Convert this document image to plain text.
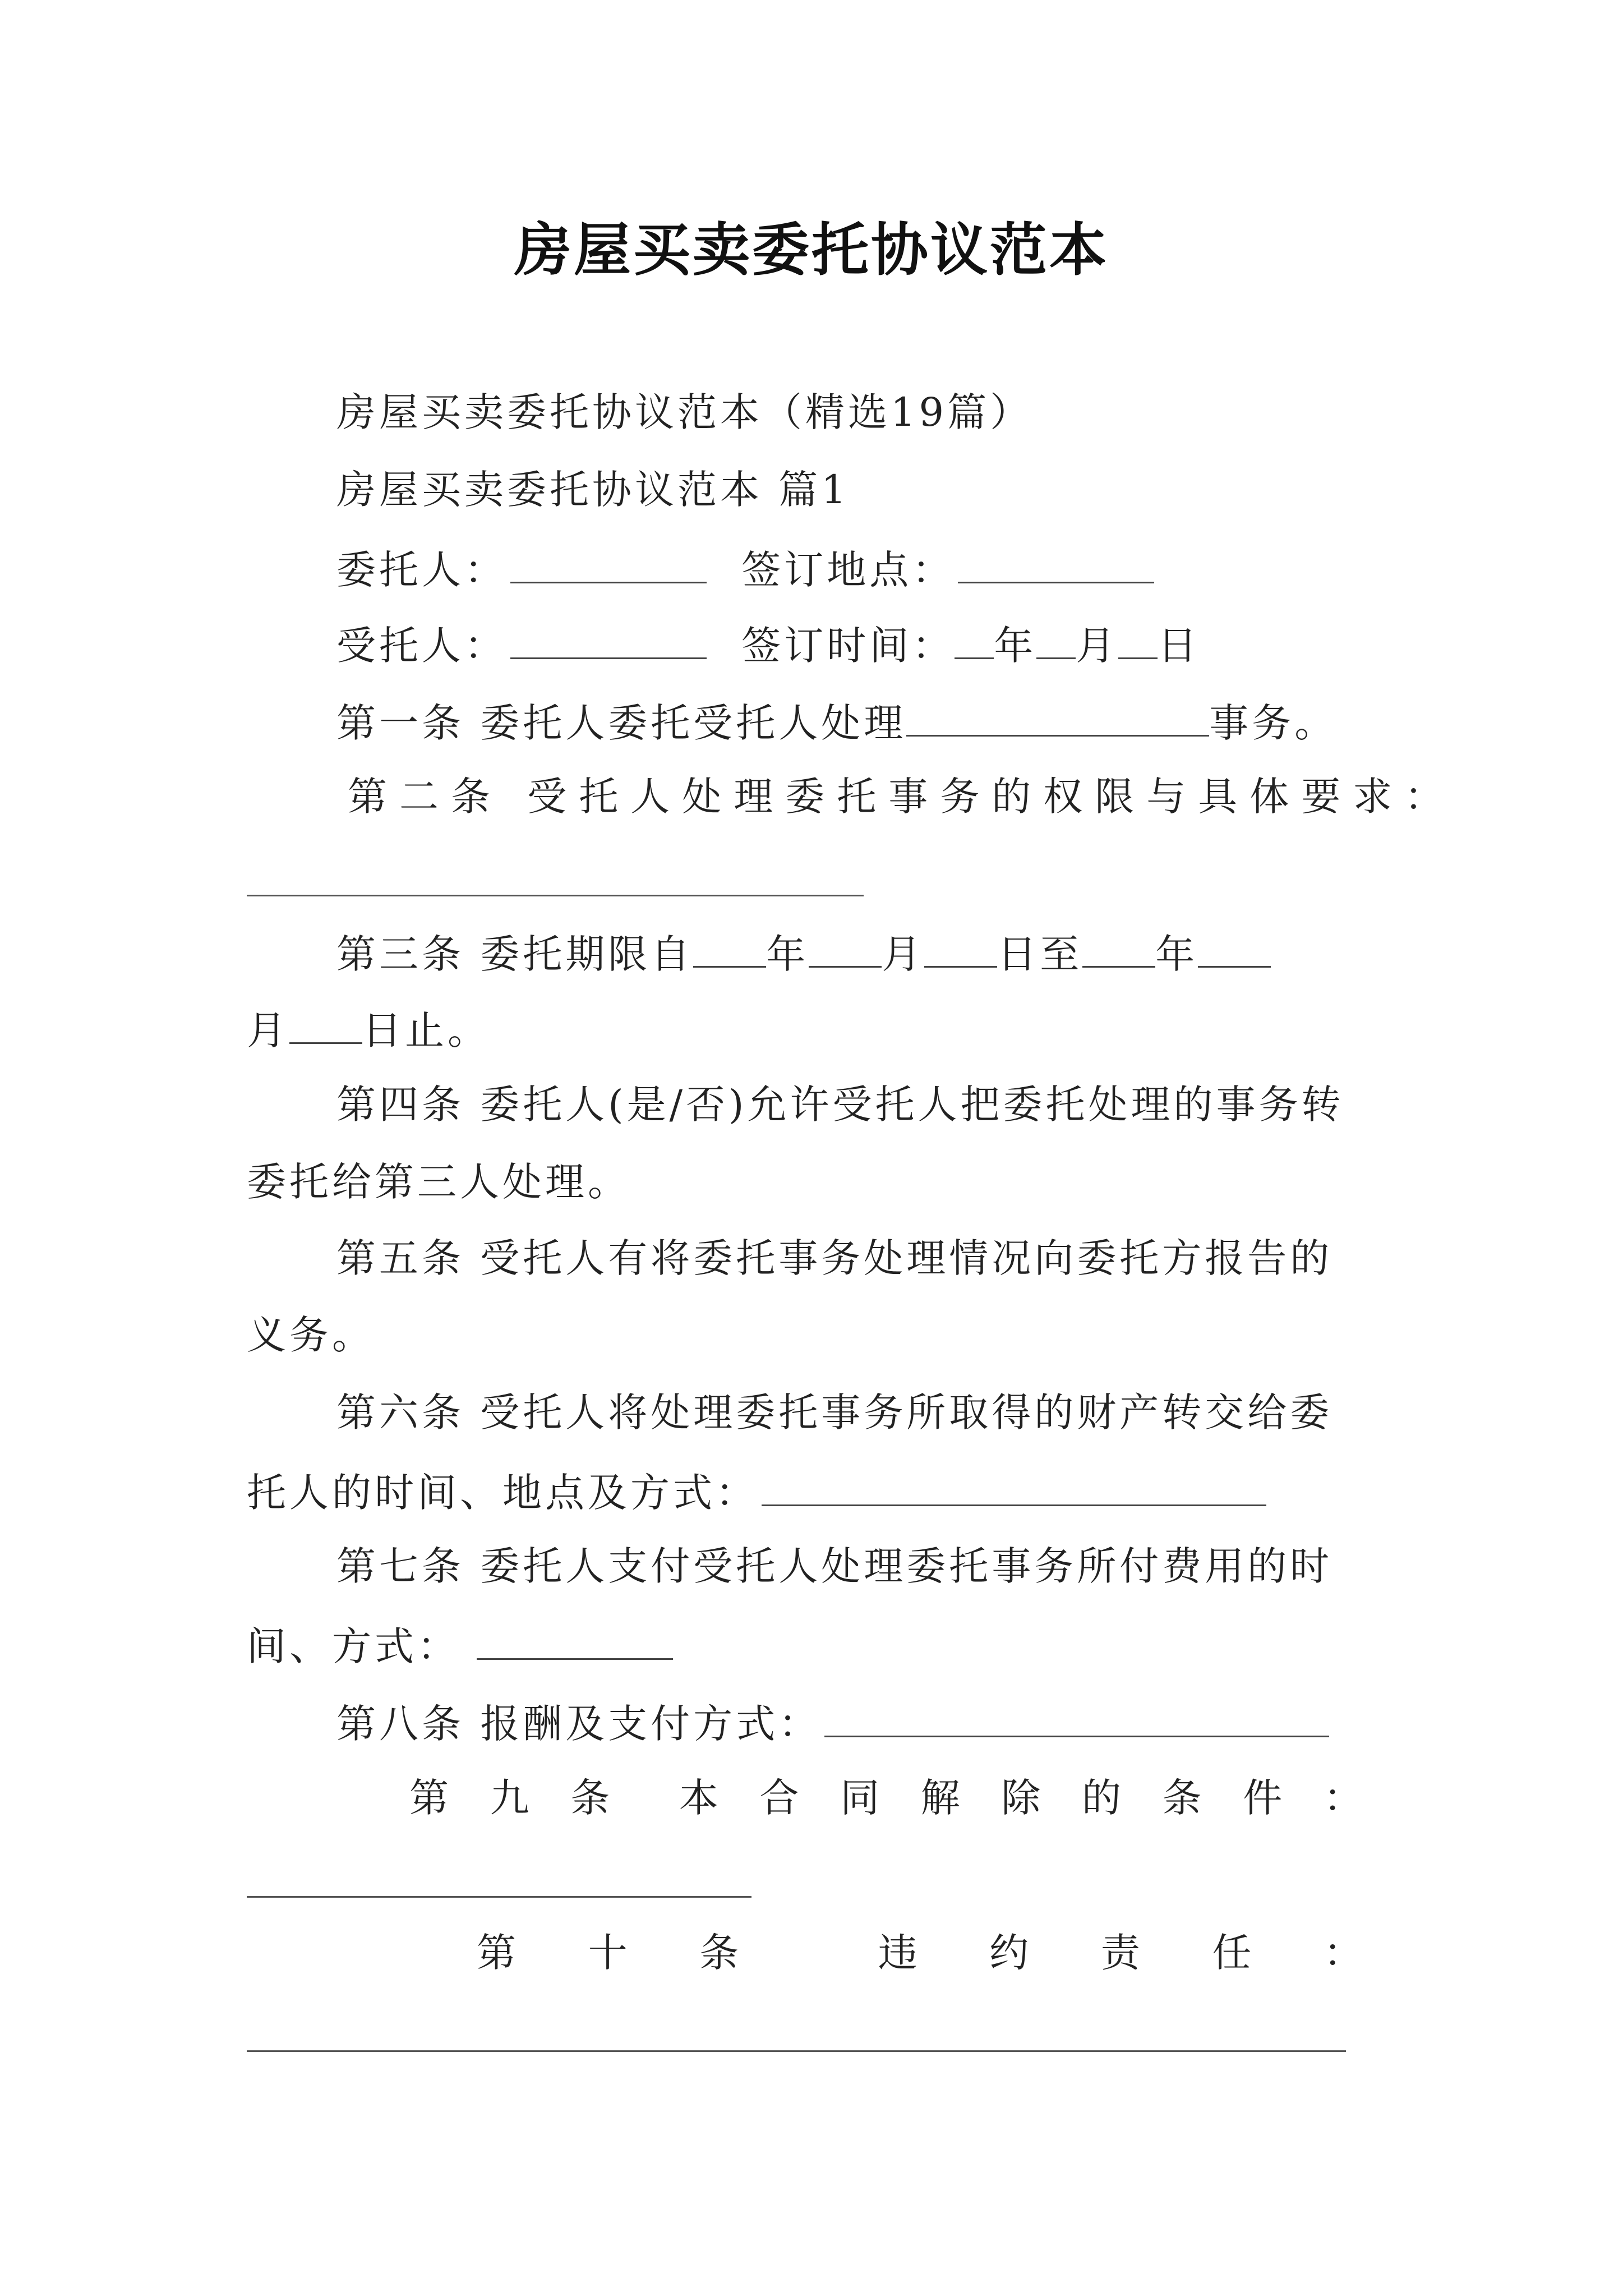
房屋买卖委托协议范本
房屋买卖委托协议范本（精选19篇）
房屋买卖委托协议范本 篇1
委托人：	签订地点：
受托人：	签订时间： 年 月 日
第一条 委托人委托受托人处理	事务。
第二条 受托人处理委托事务的权限与具体要求：
第三条 委托期限自 年 月 日至 年
月 日止。
第四条 委托人(是/否)允许受托人把委托处理的事务转
委托给第三人处理。
第五条 受托人有将委托事务处理情况向委托方报告的
义务。
第六条 受托人将处理委托事务所取得的财产转交给委
托人的时间、地点及方式：
第七条 委托人支付受托人处理委托事务所付费用的时
间、方式：
第八条 报酬及支付方式：
第 九 条 本 合 同 解 除 的 条 件 ：
第 十 条	违 约 责 任 ：
